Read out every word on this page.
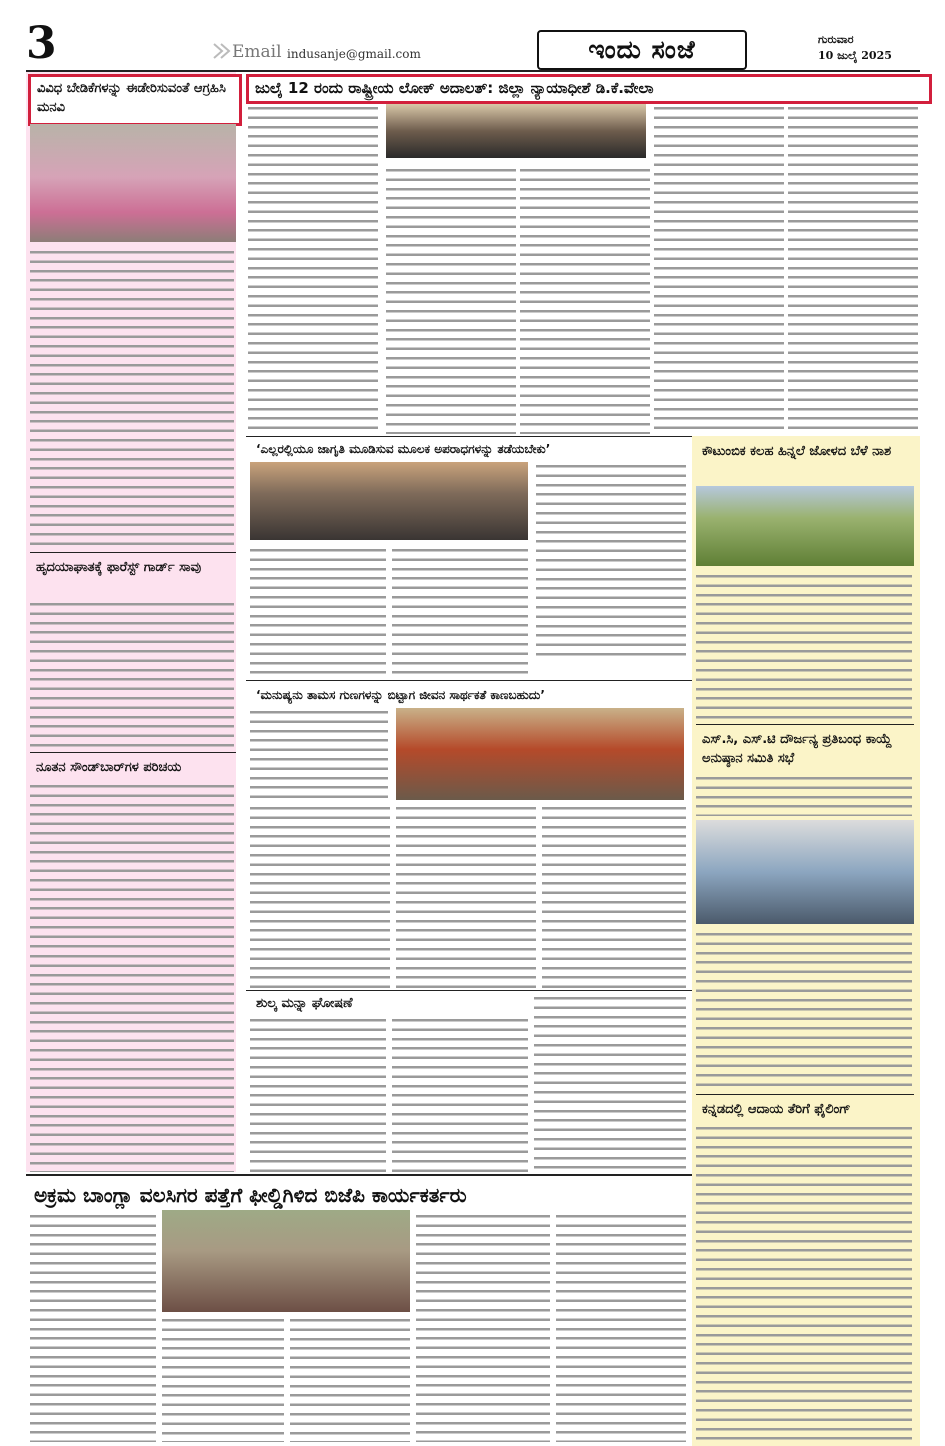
3	Email indusanje@gmail.com	ಇಂದು ಸಂಜೆ	ಗುರುವಾರ
10 ಜುಲೈ 2025
ವಿವಿಧ ಬೇಡಿಕೆಗಳನ್ನು ಈಡೇರಿಸುವಂತೆ ಆಗ್ರಹಿಸಿ ಮನವಿ
ಹೃದಯಾಘಾತಕ್ಕೆ ಫಾರೆಸ್ಟ್ ಗಾರ್ಡ್ ಸಾವು
ನೂತನ ಸೌಂಡ್‌ಬಾರ್‌ಗಳ ಪರಿಚಯ
ಜುಲೈ 12 ರಂದು ರಾಷ್ಟ್ರೀಯ ಲೋಕ್ ಅದಾಲತ್: ಜಿಲ್ಲಾ ನ್ಯಾಯಾಧೀಶೆ ಡಿ.ಕೆ.ವೇಲಾ
‘ಎಲ್ಲರಲ್ಲಿಯೂ ಜಾಗೃತಿ ಮೂಡಿಸುವ ಮೂಲಕ ಅಪರಾಧಗಳನ್ನು ತಡೆಯಬೇಕು’	ಕೌಟುಂಬಿಕ ಕಲಹ ಹಿನ್ನಲೆ ಜೋಳದ ಬೆಳೆ ನಾಶ
ಎಸ್.ಸಿ, ಎಸ್.ಟಿ ದೌರ್ಜನ್ಯ ಪ್ರತಿಬಂಧ ಕಾಯ್ದೆ ಅನುಷ್ಠಾನ ಸಮಿತಿ ಸಭೆ
ಕನ್ನಡದಲ್ಲಿ ಆದಾಯ ತೆರಿಗೆ ಫೈಲಿಂಗ್
‘ಮನುಷ್ಯನು ತಾಮಸ ಗುಣಗಳನ್ನು ಬಿಟ್ಟಾಗ ಜೀವನ ಸಾರ್ಥಕತೆ ಕಾಣಬಹುದು’
ಶುಲ್ಕ ಮನ್ನಾ ಘೋಷಣೆ
ಅಕ್ರಮ ಬಾಂಗ್ಲಾ ವಲಸಿಗರ ಪತ್ತೆಗೆ ಫೀಲ್ಡಿಗಿಳಿದ ಬಿಜೆಪಿ ಕಾರ್ಯಕರ್ತರು
